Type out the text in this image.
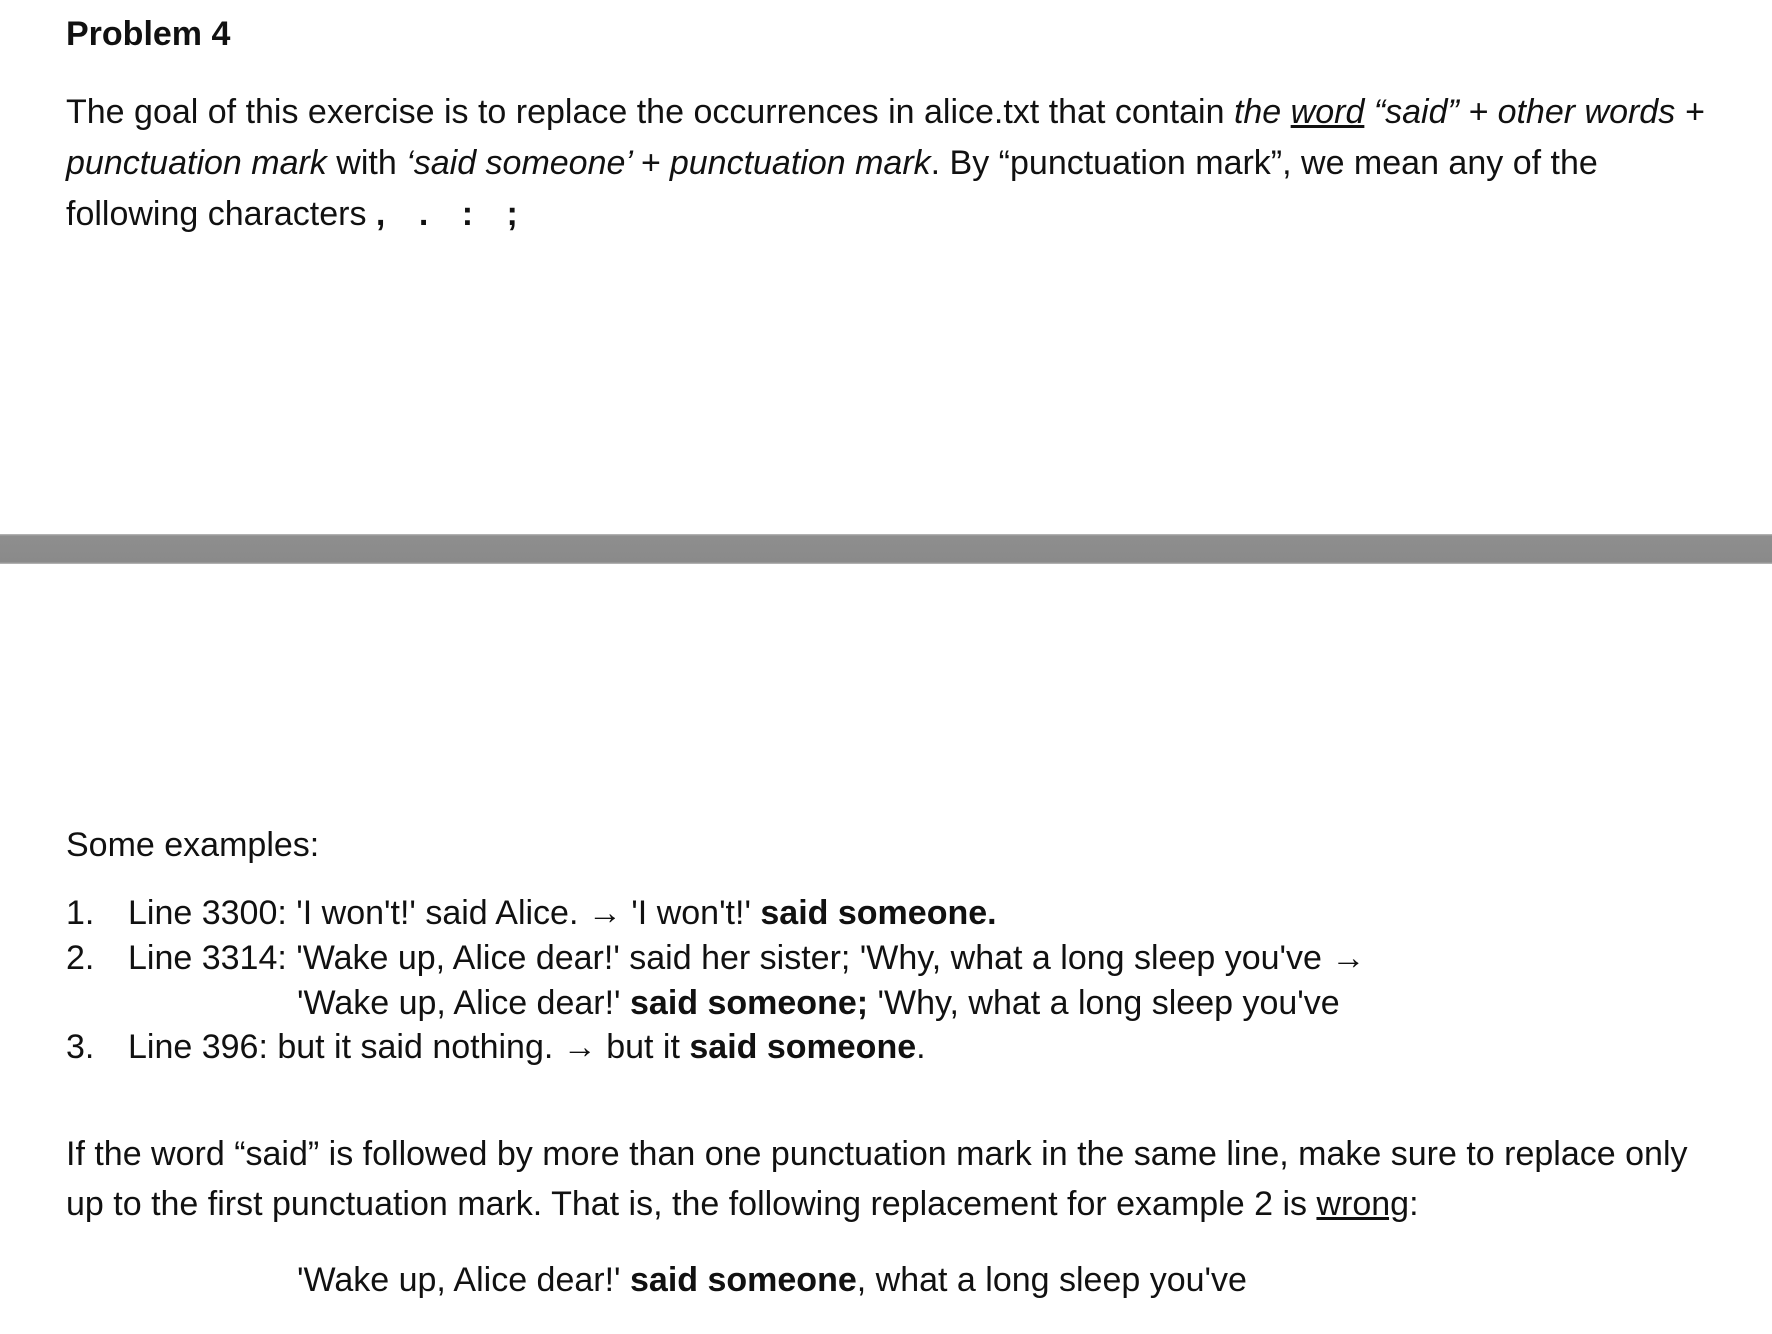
Problem 4

The goal of this exercise is to replace the occurrences in alice.txt that contain the word “said” + other words + punctuation mark with ‘said someone’ + punctuation mark. By “punctuation mark”, we mean any of the following characters , . : ;

Some examples:

1. Line 3300: 'I won't!' said Alice. → 'I won't!' said someone.

2. Line 3314: 'Wake up, Alice dear!' said her sister; 'Why, what a long sleep you've →

'Wake up, Alice dear!' said someone; 'Why, what a long sleep you've

3. Line 396: but it said nothing. → but it said someone.

If the word “said” is followed by more than one punctuation mark in the same line, make sure to replace only up to the first punctuation mark. That is, the following replacement for example 2 is wrong:

'Wake up, Alice dear!' said someone, what a long sleep you've
